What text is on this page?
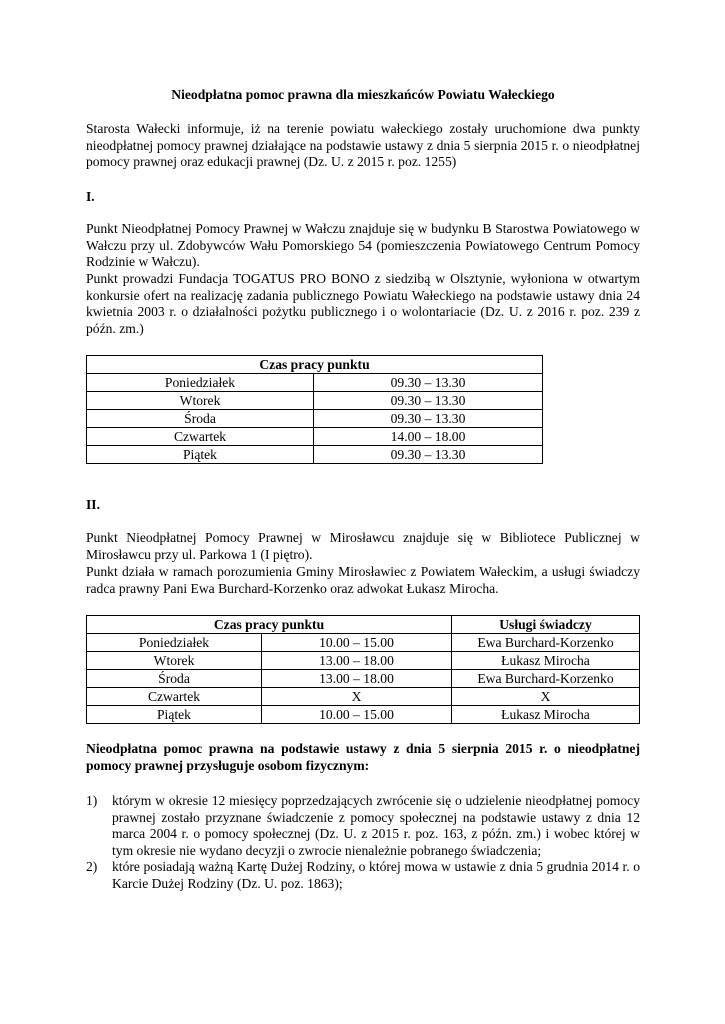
Nieodpłatna pomoc prawna dla mieszkańców Powiatu Wałeckiego
Starosta Wałecki informuje, iż na terenie powiatu wałeckiego zostały uruchomione dwa punkty nieodpłatnej pomocy prawnej działające na podstawie ustawy z dnia 5 sierpnia 2015 r. o nieodpłatnej pomocy prawnej oraz edukacji prawnej (Dz. U. z 2015 r. poz. 1255)
I.
Punkt Nieodpłatnej Pomocy Prawnej w Wałczu znajduje się w budynku B Starostwa Powiatowego w Wałczu przy ul. Zdobywców Wału Pomorskiego 54 (pomieszczenia Powiatowego Centrum Pomocy Rodzinie w Wałczu).
Punkt prowadzi Fundacja TOGATUS PRO BONO z siedzibą w Olsztynie, wyłoniona w otwartym konkursie ofert na realizację zadania publicznego Powiatu Wałeckiego na podstawie ustawy dnia 24 kwietnia 2003 r. o działalności pożytku publicznego i o wolontariacie (Dz. U. z 2016 r. poz. 239 z późn. zm.)
Czas pracy punktu	
Poniedziałek	09.30 – 13.30
Wtorek	09.30 – 13.30
Środa	09.30 – 13.30
Czwartek	14.00 – 18.00
Piątek	09.30 – 13.30
II.
Punkt Nieodpłatnej Pomocy Prawnej w Mirosławcu znajduje się w Bibliotece Publicznej w Mirosławcu przy ul. Parkowa 1 (I piętro).
Punkt działa w ramach porozumienia Gminy Mirosławiec z Powiatem Wałeckim, a usługi świadczy radca prawny Pani Ewa Burchard-Korzenko oraz adwokat Łukasz Mirocha.
Czas pracy punktu		Usługi świadczy
Poniedziałek	10.00 – 15.00	Ewa Burchard-Korzenko
Wtorek	13.00 – 18.00	Łukasz Mirocha
Środa	13.00 – 18.00	Ewa Burchard-Korzenko
Czwartek	X	X
Piątek	10.00 – 15.00	Łukasz Mirocha
Nieodpłatna pomoc prawna na podstawie ustawy z dnia 5 sierpnia 2015 r. o nieodpłatnej pomocy prawnej przysługuje osobom fizycznym:
1) którym w okresie 12 miesięcy poprzedzających zwrócenie się o udzielenie nieodpłatnej pomocy prawnej zostało przyznane świadczenie z pomocy społecznej na podstawie ustawy z dnia 12 marca 2004 r. o pomocy społecznej (Dz. U. z 2015 r. poz. 163, z późn. zm.) i wobec której w tym okresie nie wydano decyzji o zwrocie nienależnie pobranego świadczenia;
2) które posiadają ważną Kartę Dużej Rodziny, o której mowa w ustawie z dnia 5 grudnia 2014 r. o Karcie Dużej Rodziny (Dz. U. poz. 1863);
